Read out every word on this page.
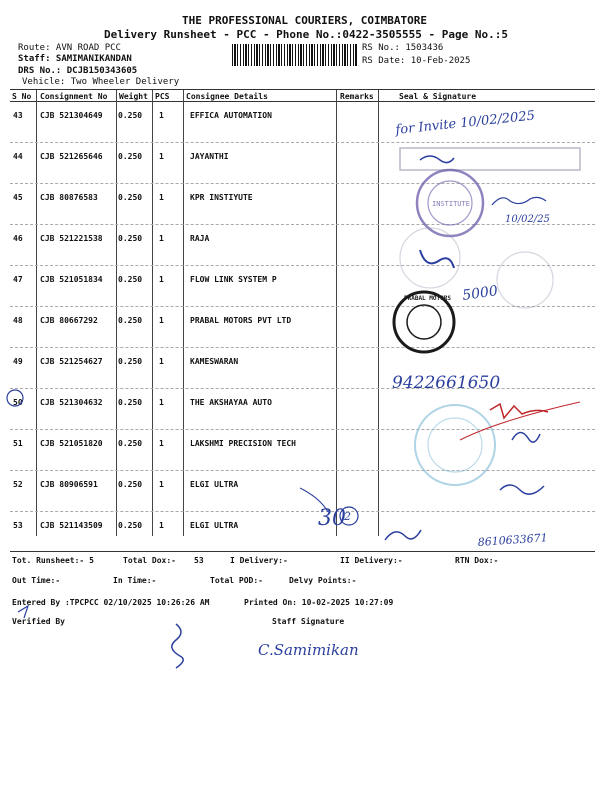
THE PROFESSIONAL COURIERS, COIMBATORE
Delivery Runsheet - PCC - Phone No.:0422-3505555 - Page No.:5
Route: AVN ROAD PCC
Staff: SAMIMANIKANDAN
DRS No.: DCJB150343605
Vehicle: Two Wheeler Delivery
RS No.: 1503436
RS Date: 10-Feb-2025
S No Consignment No Weight PCS Consignee Details	Remarks	Seal & Signature
43 CJB 521304649 0.250 1	EFFICA AUTOMATION
44 CJB 521265646 0.250 1	JAYANTHI
45 CJB 80876583	0.250 1	KPR INSTIYUTE
46 CJB 521221538 0.250 1	RAJA
47 CJB 521051834 0.250 1	FLOW LINK SYSTEM P
48 CJB 80667292	0.250 1	PRABAL MOTORS PVT LTD
49 CJB 521254627 0.250 1	KAMESWARAN
50 CJB 521304632 0.250 1	THE AKSHAYAA AUTO
51 CJB 521051820 0.250 1	LAKSHMI PRECISION TECH
52 CJB 80906591	0.250 1	ELGI ULTRA
53 CJB 521143509 0.250 1	ELGI ULTRA
Tot. Runsheet:- 5	Total Dox:- 53	I Delivery:-	II Delivery:-	RTN Dox:-
Out Time:-	In Time:-	Total POD:-	Delvy Points:-
Entered By :TPCPCC 02/10/2025 10:26:26 AM	Printed On: 10-02-2025 10:27:09
Verified By	Staff Signature
for Invite 10/02/2025
INSTITUTE
10/02/25
5000
PRABAL MOTORS
9422661650
30
2
8610633671
C.Samimikan
